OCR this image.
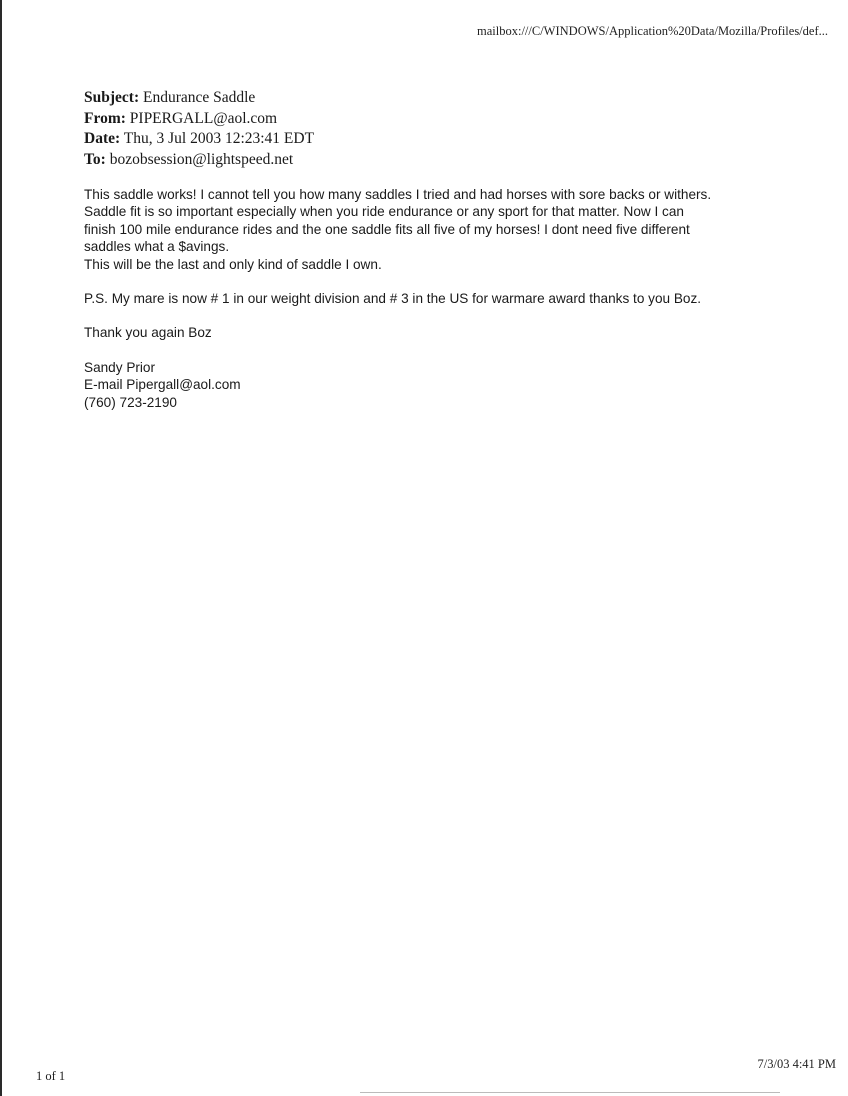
mailbox:///C/WINDOWS/Application%20Data/Mozilla/Profiles/def...
Subject: Endurance Saddle
From: PIPERGALL@aol.com
Date: Thu, 3 Jul 2003 12:23:41 EDT
To: bozobsession@lightspeed.net

This saddle works! I cannot tell you how many saddles I tried and had horses with sore backs or withers.
Saddle fit is so important especially when you ride endurance or any sport for that matter. Now I can
finish 100 mile endurance rides and the one saddle fits all five of my horses! I dont need five different
saddles what a $avings.
This will be the last and only kind of saddle I own.

P.S. My mare is now # 1 in our weight division and # 3 in the US for warmare award thanks to you Boz.

Thank you again Boz

Sandy Prior
E-mail Pipergall@aol.com
(760) 723-2190

1 of 1
7/3/03 4:41 PM
